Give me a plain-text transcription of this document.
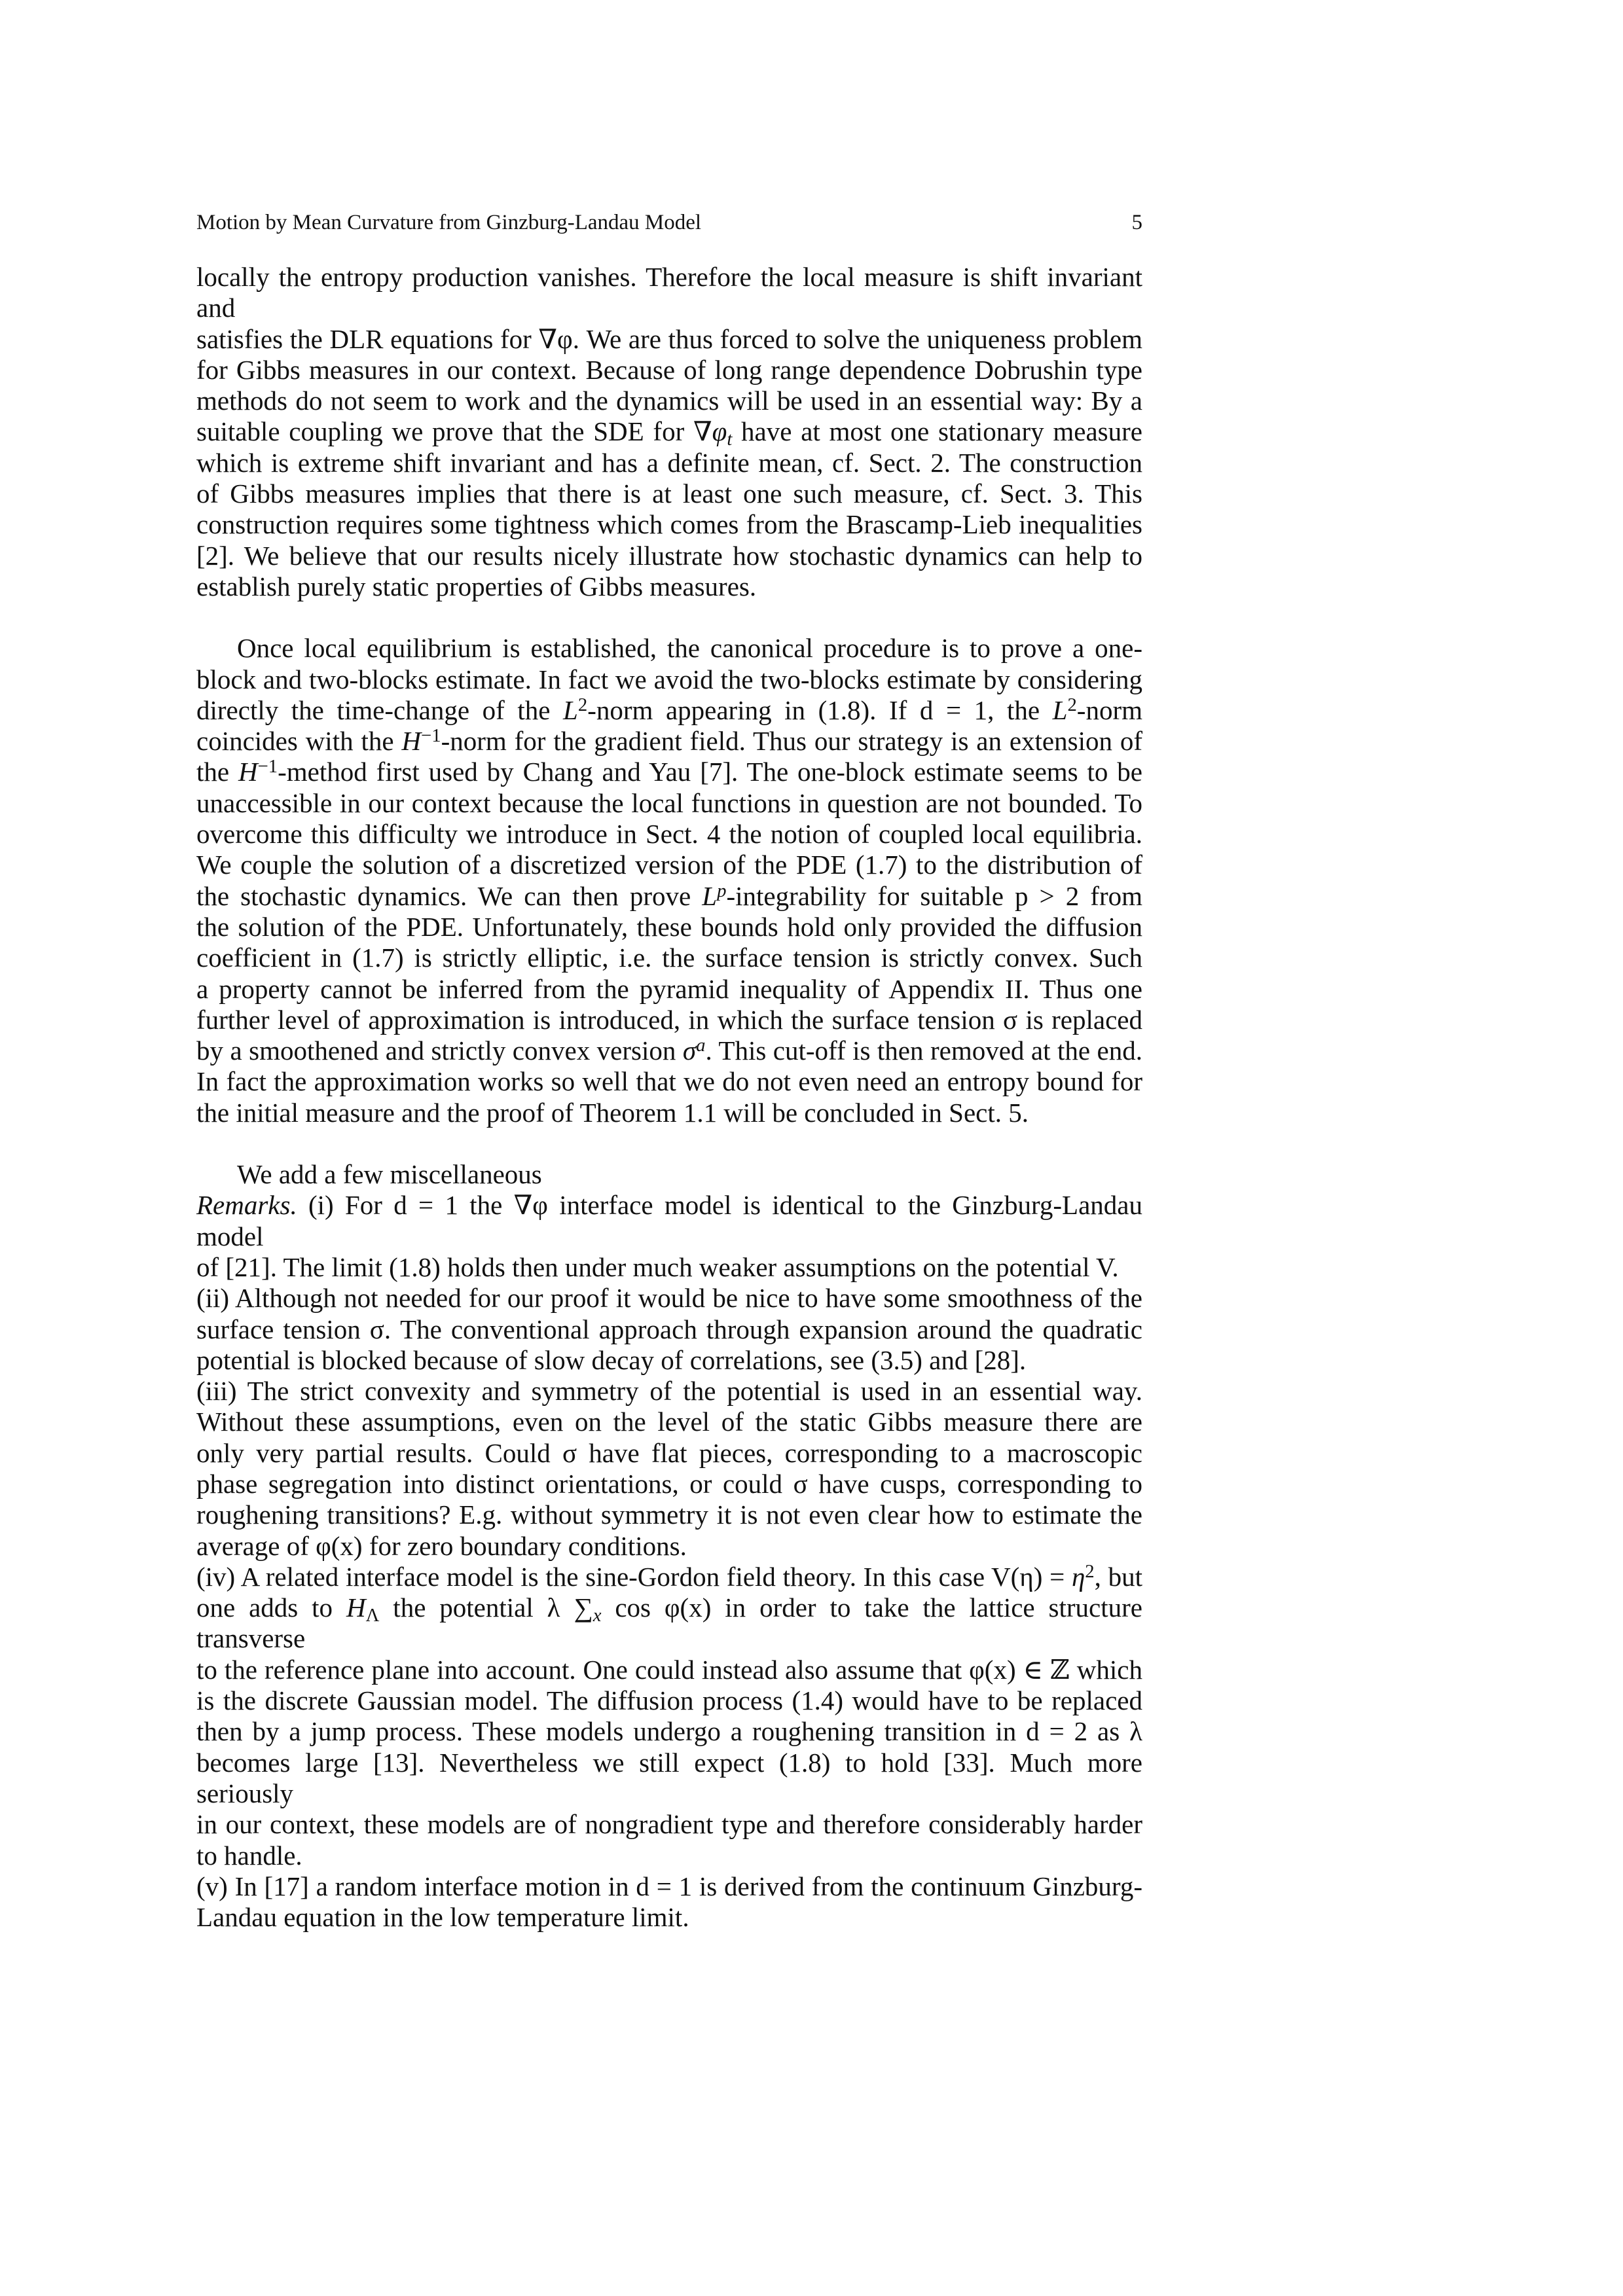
Motion by Mean Curvature from Ginzburg-Landau Model	5
locally the entropy production vanishes. Therefore the local measure is shift invariant and
satisfies the DLR equations for ∇φ. We are thus forced to solve the uniqueness problem
for Gibbs measures in our context. Because of long range dependence Dobrushin type
methods do not seem to work and the dynamics will be used in an essential way: By a
suitable coupling we prove that the SDE for $\nabla\varphi_t$ have at most one stationary measure
which is extreme shift invariant and has a definite mean, cf. Sect. 2. The construction
of Gibbs measures implies that there is at least one such measure, cf. Sect. 3. This
construction requires some tightness which comes from the Brascamp-Lieb inequalities
[2]. We believe that our results nicely illustrate how stochastic dynamics can help to
establish purely static properties of Gibbs measures.
Once local equilibrium is established, the canonical procedure is to prove a one-
block and two-blocks estimate. In fact we avoid the two-blocks estimate by considering
directly the time-change of the $L^2$-norm appearing in (1.8). If d = 1, the $L^2$-norm
coincides with the $H^{-1}$-norm for the gradient field. Thus our strategy is an extension of
the $H^{-1}$-method first used by Chang and Yau [7]. The one-block estimate seems to be
unaccessible in our context because the local functions in question are not bounded. To
overcome this difficulty we introduce in Sect. 4 the notion of coupled local equilibria.
We couple the solution of a discretized version of the PDE (1.7) to the distribution of
the stochastic dynamics. We can then prove $L^p$-integrability for suitable p > 2 from
the solution of the PDE. Unfortunately, these bounds hold only provided the diffusion
coefficient in (1.7) is strictly elliptic, i.e. the surface tension is strictly convex. Such
a property cannot be inferred from the pyramid inequality of Appendix II. Thus one
further level of approximation is introduced, in which the surface tension σ is replaced
by a smoothened and strictly convex version $\sigma^a$. This cut-off is then removed at the end.
In fact the approximation works so well that we do not even need an entropy bound for
the initial measure and the proof of Theorem 1.1 will be concluded in Sect. 5.
We add a few miscellaneous
Remarks. (i) For d = 1 the ∇φ interface model is identical to the Ginzburg-Landau model
of [21]. The limit (1.8) holds then under much weaker assumptions on the potential V.
(ii) Although not needed for our proof it would be nice to have some smoothness of the
surface tension σ. The conventional approach through expansion around the quadratic
potential is blocked because of slow decay of correlations, see (3.5) and [28].
(iii) The strict convexity and symmetry of the potential is used in an essential way.
Without these assumptions, even on the level of the static Gibbs measure there are
only very partial results. Could σ have flat pieces, corresponding to a macroscopic
phase segregation into distinct orientations, or could σ have cusps, corresponding to
roughening transitions? E.g. without symmetry it is not even clear how to estimate the
average of φ(x) for zero boundary conditions.
(iv) A related interface model is the sine-Gordon field theory. In this case $V(\eta) = \eta^2$, but
one adds to $H_\Lambda$ the potential λ $\sum_x$ cos φ(x) in order to take the lattice structure transverse
to the reference plane into account. One could instead also assume that φ(x) ∈ ℤ which
is the discrete Gaussian model. The diffusion process (1.4) would have to be replaced
then by a jump process. These models undergo a roughening transition in d = 2 as λ
becomes large [13]. Nevertheless we still expect (1.8) to hold [33]. Much more seriously
in our context, these models are of nongradient type and therefore considerably harder
to handle.
(v) In [17] a random interface motion in d = 1 is derived from the continuum Ginzburg-
Landau equation in the low temperature limit.
